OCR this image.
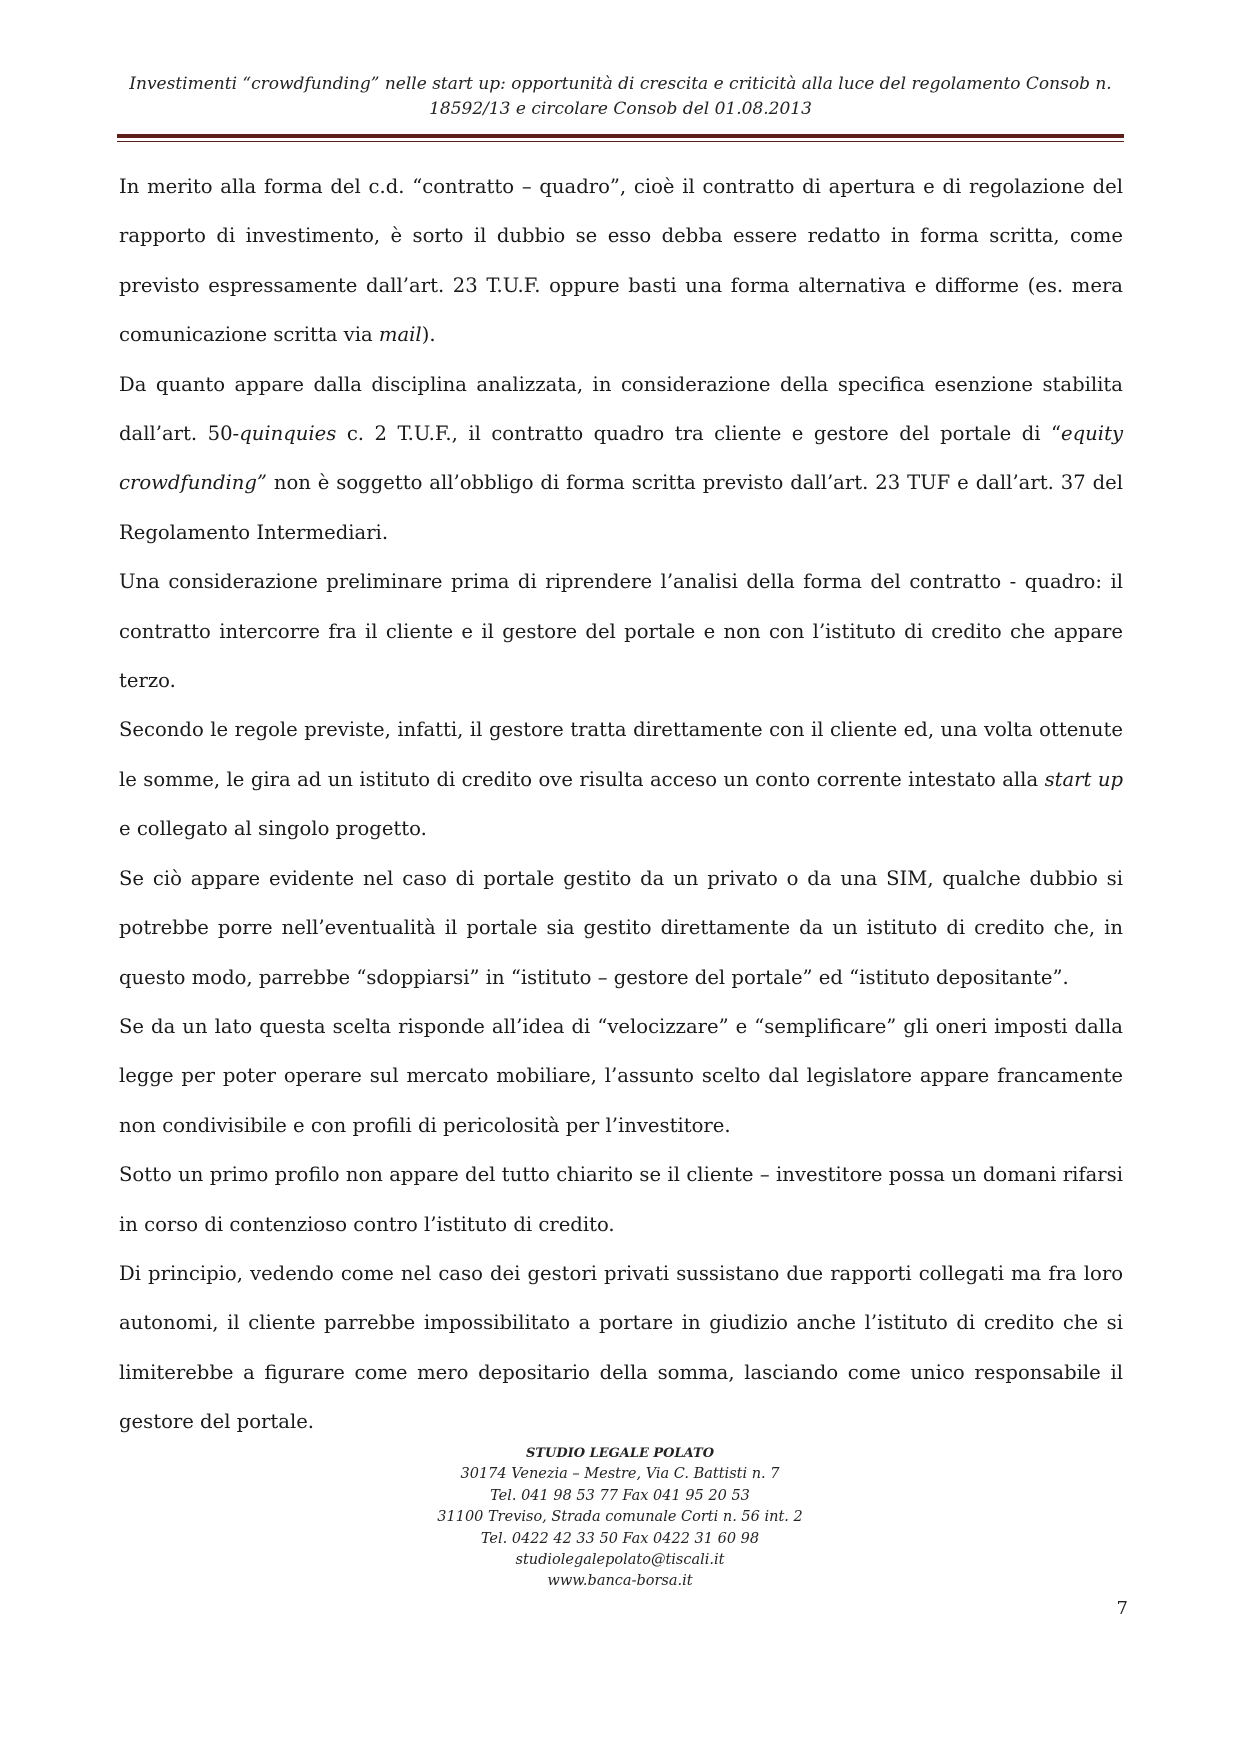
Investimenti “crowdfunding” nelle start up: opportunità di crescita e criticità alla luce del regolamento Consob n.
18592/13 e circolare Consob del 01.08.2013

In merito alla forma del c.d. “contratto – quadro”, cioè il contratto di apertura e di regolazione del rapporto di investimento, è sorto il dubbio se esso debba essere redatto in forma scritta, come previsto espressamente dall’art. 23 T.U.F. oppure basti una forma alternativa e difforme (es. mera comunicazione scritta via mail).

Da quanto appare dalla disciplina analizzata, in considerazione della specifica esenzione stabilita dall’art. 50-quinquies c. 2 T.U.F., il contratto quadro tra cliente e gestore del portale di “equity crowdfunding” non è soggetto all’obbligo di forma scritta previsto dall’art. 23 TUF e dall’art. 37 del Regolamento Intermediari.

Una considerazione preliminare prima di riprendere l’analisi della forma del contratto - quadro: il contratto intercorre fra il cliente e il gestore del portale e non con l’istituto di credito che appare terzo.

Secondo le regole previste, infatti, il gestore tratta direttamente con il cliente ed, una volta ottenute le somme, le gira ad un istituto di credito ove risulta acceso un conto corrente intestato alla start up e collegato al singolo progetto.

Se ciò appare evidente nel caso di portale gestito da un privato o da una SIM, qualche dubbio si potrebbe porre nell’eventualità il portale sia gestito direttamente da un istituto di credito che, in questo modo, parrebbe “sdoppiarsi” in “istituto – gestore del portale” ed “istituto depositante”.

Se da un lato questa scelta risponde all’idea di “velocizzare” e “semplificare” gli oneri imposti dalla legge per poter operare sul mercato mobiliare, l’assunto scelto dal legislatore appare francamente non condivisibile e con profili di pericolosità per l’investitore.

Sotto un primo profilo non appare del tutto chiarito se il cliente – investitore possa un domani rifarsi in corso di contenzioso contro l’istituto di credito.

Di principio, vedendo come nel caso dei gestori privati sussistano due rapporti collegati ma fra loro autonomi, il cliente parrebbe impossibilitato a portare in giudizio anche l’istituto di credito che si limiterebbe a figurare come mero depositario della somma, lasciando come unico responsabile il gestore del portale.

STUDIO LEGALE POLATO
30174 Venezia – Mestre, Via C. Battisti n. 7
Tel. 041 98 53 77 Fax 041 95 20 53
31100 Treviso, Strada comunale Corti n. 56 int. 2
Tel. 0422 42 33 50 Fax 0422 31 60 98
studiolegalepolato@tiscali.it
www.banca-borsa.it
7
